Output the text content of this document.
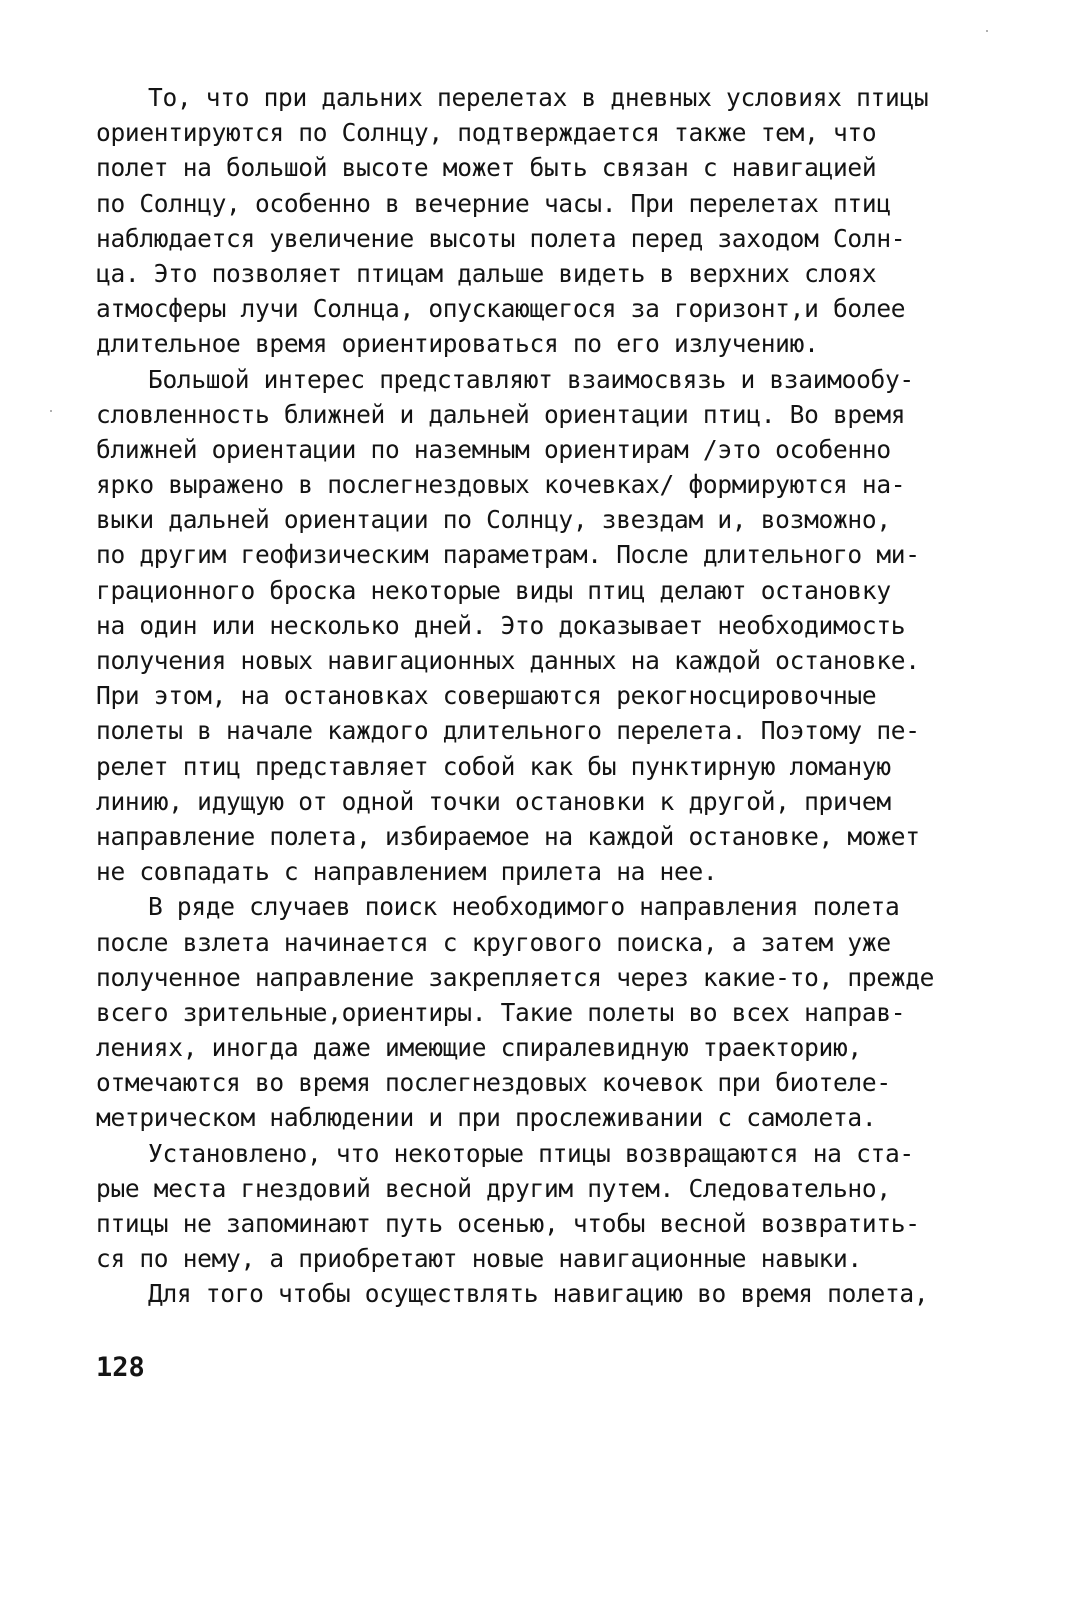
То, что при дальних перелетах в дневных условиях птицы
ориентируются по Солнцу, подтверждается также тем, что
полет на большой высоте может быть связан с навигацией
по Солнцу, особенно в вечерние часы. При перелетах птиц
наблюдается увеличение высоты полета перед заходом Солн-
ца. Это позволяет птицам дальше видеть в верхних слоях
атмосферы лучи Солнца, опускающегося за горизонт,и более
длительное время ориентироваться по его излучению.
Большой интерес представляют взаимосвязь и взаимообу-
словленность ближней и дальней ориентации птиц. Во время
ближней ориентации по наземным ориентирам /это особенно
ярко выражено в послегнездовых кочевках/ формируются на-
выки дальней ориентации по Солнцу, звездам и, возможно,
по другим геофизическим параметрам. После длительного ми-
грационного броска некоторые виды птиц делают остановку
на один или несколько дней. Это доказывает необходимость
получения новых навигационных данных на каждой остановке.
При этом, на остановках совершаются рекогносцировочные
полеты в начале каждого длительного перелета. Поэтому пе-
релет птиц представляет собой как бы пунктирную ломаную
линию, идущую от одной точки остановки к другой, причем
направление полета, избираемое на каждой остановке, может
не совпадать с направлением прилета на нее.
В ряде случаев поиск необходимого направления полета
после взлета начинается с кругового поиска, а затем уже
полученное направление закрепляется через какие-то, прежде
всего зрительные,ориентиры. Такие полеты во всех направ-
лениях, иногда даже имеющие спиралевидную траекторию,
отмечаются во время послегнездовых кочевок при биотеле-
метрическом наблюдении и при прослеживании с самолета.
Установлено, что некоторые птицы возвращаются на ста-
рые места гнездовий весной другим путем. Следовательно,
птицы не запоминают путь осенью, чтобы весной возвратить-
ся по нему, а приобретают новые навигационные навыки.
Для того чтобы осуществлять навигацию во время полета,
128
